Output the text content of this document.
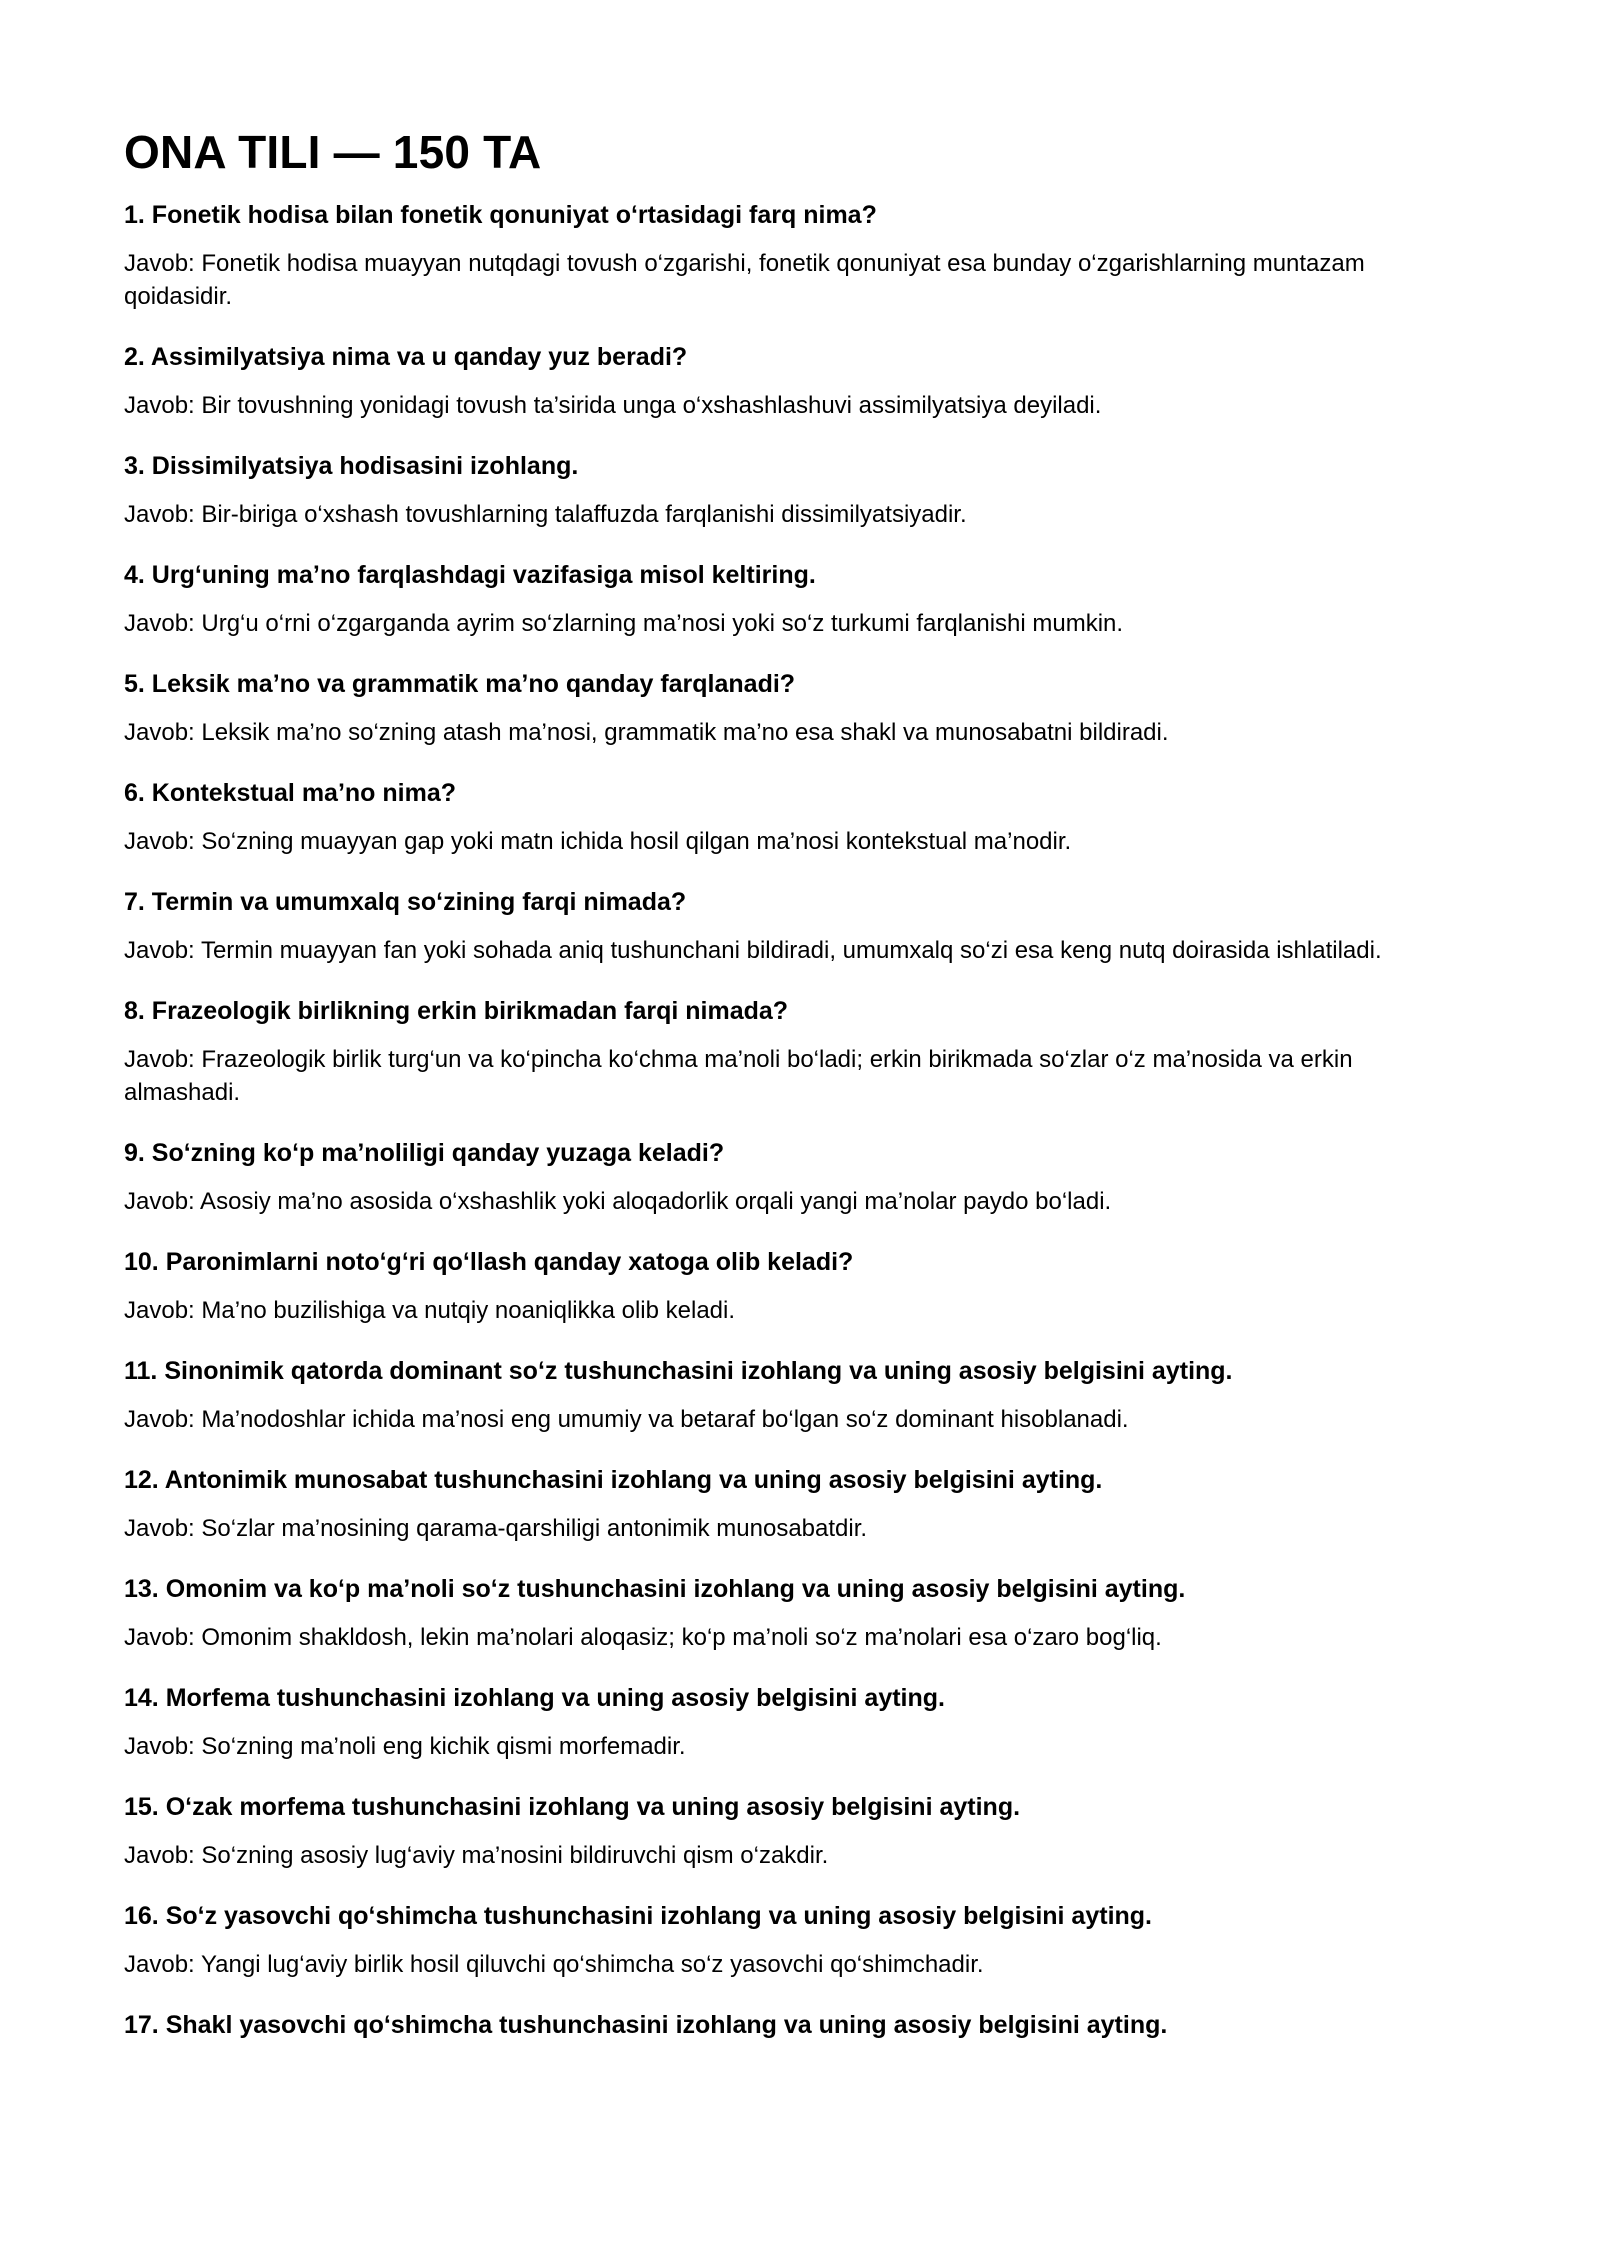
ONA TILI — 150 TA
1. Fonetik hodisa bilan fonetik qonuniyat o‘rtasidagi farq nima?

Javob: Fonetik hodisa muayyan nutqdagi tovush o‘zgarishi, fonetik qonuniyat esa bunday o‘zgarishlarning muntazam qoidasidir.

2. Assimilyatsiya nima va u qanday yuz beradi?

Javob: Bir tovushning yonidagi tovush ta’sirida unga o‘xshashlashuvi assimilyatsiya deyiladi.

3. Dissimilyatsiya hodisasini izohlang.

Javob: Bir-biriga o‘xshash tovushlarning talaffuzda farqlanishi dissimilyatsiyadir.

4. Urg‘uning ma’no farqlashdagi vazifasiga misol keltiring.

Javob: Urg‘u o‘rni o‘zgarganda ayrim so‘zlarning ma’nosi yoki so‘z turkumi farqlanishi mumkin.

5. Leksik ma’no va grammatik ma’no qanday farqlanadi?

Javob: Leksik ma’no so‘zning atash ma’nosi, grammatik ma’no esa shakl va munosabatni bildiradi.

6. Kontekstual ma’no nima?

Javob: So‘zning muayyan gap yoki matn ichida hosil qilgan ma’nosi kontekstual ma’nodir.

7. Termin va umumxalq so‘zining farqi nimada?

Javob: Termin muayyan fan yoki sohada aniq tushunchani bildiradi, umumxalq so‘zi esa keng nutq doirasida ishlatiladi.

8. Frazeologik birlikning erkin birikmadan farqi nimada?

Javob: Frazeologik birlik turg‘un va ko‘pincha ko‘chma ma’noli bo‘ladi; erkin birikmada so‘zlar o‘z ma’nosida va erkin almashadi.

9. So‘zning ko‘p ma’noliligi qanday yuzaga keladi?

Javob: Asosiy ma’no asosida o‘xshashlik yoki aloqadorlik orqali yangi ma’nolar paydo bo‘ladi.

10. Paronimlarni noto‘g‘ri qo‘llash qanday xatoga olib keladi?

Javob: Ma’no buzilishiga va nutqiy noaniqlikka olib keladi.

11. Sinonimik qatorda dominant so‘z tushunchasini izohlang va uning asosiy belgisini ayting.

Javob: Ma’nodoshlar ichida ma’nosi eng umumiy va betaraf bo‘lgan so‘z dominant hisoblanadi.

12. Antonimik munosabat tushunchasini izohlang va uning asosiy belgisini ayting.

Javob: So‘zlar ma’nosining qarama-qarshiligi antonimik munosabatdir.

13. Omonim va ko‘p ma’noli so‘z tushunchasini izohlang va uning asosiy belgisini ayting.

Javob: Omonim shakldosh, lekin ma’nolari aloqasiz; ko‘p ma’noli so‘z ma’nolari esa o‘zaro bog‘liq.

14. Morfema tushunchasini izohlang va uning asosiy belgisini ayting.

Javob: So‘zning ma’noli eng kichik qismi morfemadir.

15. O‘zak morfema tushunchasini izohlang va uning asosiy belgisini ayting.

Javob: So‘zning asosiy lug‘aviy ma’nosini bildiruvchi qism o‘zakdir.

16. So‘z yasovchi qo‘shimcha tushunchasini izohlang va uning asosiy belgisini ayting.

Javob: Yangi lug‘aviy birlik hosil qiluvchi qo‘shimcha so‘z yasovchi qo‘shimchadir.

17. Shakl yasovchi qo‘shimcha tushunchasini izohlang va uning asosiy belgisini ayting.
